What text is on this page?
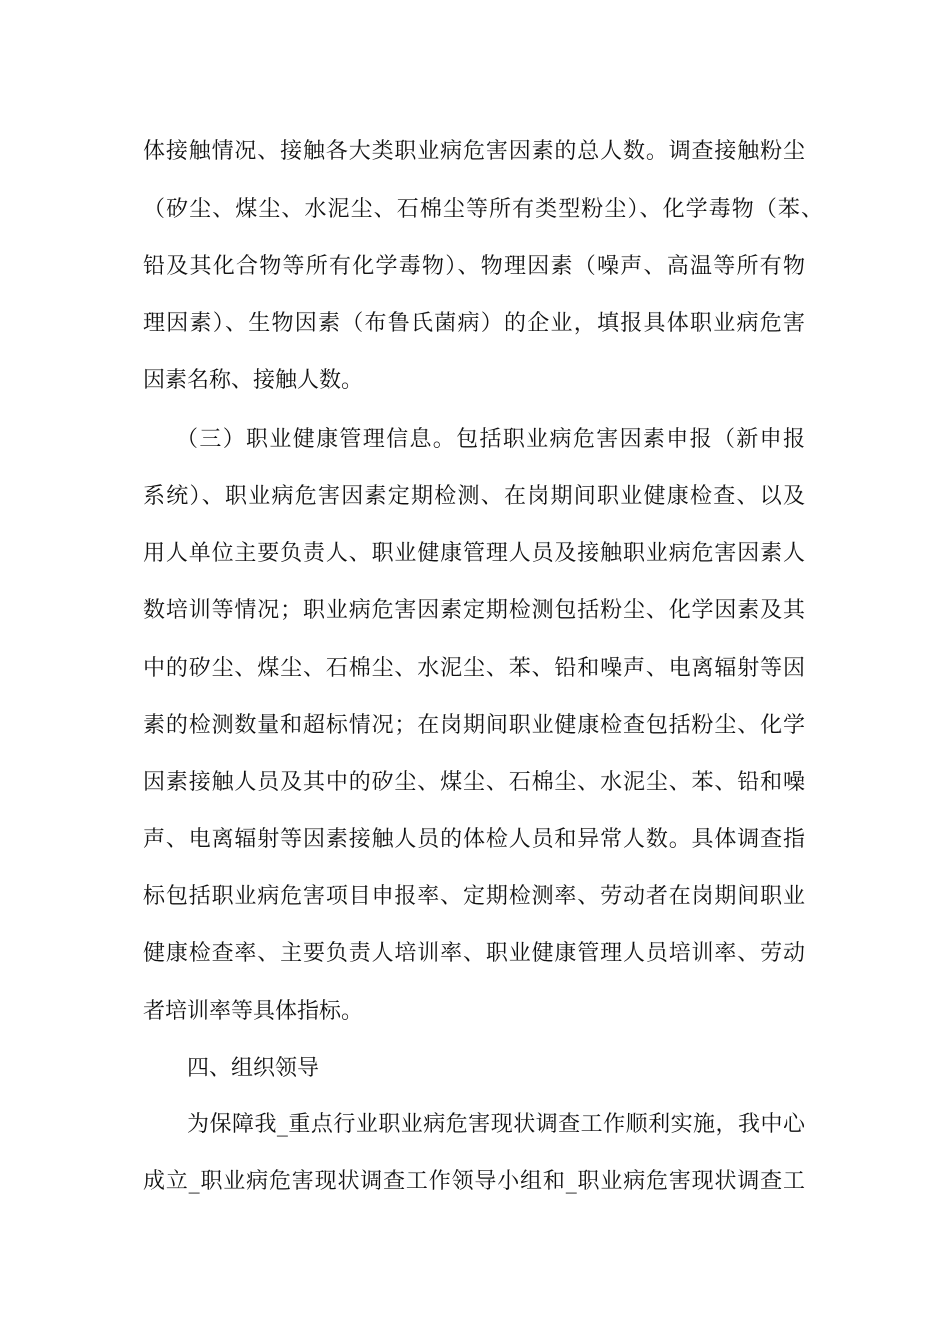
体接触情况、接触各大类职业病危害因素的总人数。调查接触粉尘
（矽尘、煤尘、水泥尘、石棉尘等所有类型粉尘）、化学毒物（苯、
铅及其化合物等所有化学毒物）、物理因素（噪声、高温等所有物
理因素）、生物因素（布鲁氏菌病）的企业，填报具体职业病危害
因素名称、接触人数。
（三）职业健康管理信息。包括职业病危害因素申报（新申报
系统）、职业病危害因素定期检测、在岗期间职业健康检查、以及
用人单位主要负责人、职业健康管理人员及接触职业病危害因素人
数培训等情况；职业病危害因素定期检测包括粉尘、化学因素及其
中的矽尘、煤尘、石棉尘、水泥尘、苯、铅和噪声、电离辐射等因
素的检测数量和超标情况；在岗期间职业健康检查包括粉尘、化学
因素接触人员及其中的矽尘、煤尘、石棉尘、水泥尘、苯、铅和噪
声、电离辐射等因素接触人员的体检人员和异常人数。具体调查指
标包括职业病危害项目申报率、定期检测率、劳动者在岗期间职业
健康检查率、主要负责人培训率、职业健康管理人员培训率、劳动
者培训率等具体指标。
四、组织领导
为保障我_重点行业职业病危害现状调查工作顺利实施，我中心
成立_职业病危害现状调查工作领导小组和_职业病危害现状调查工
